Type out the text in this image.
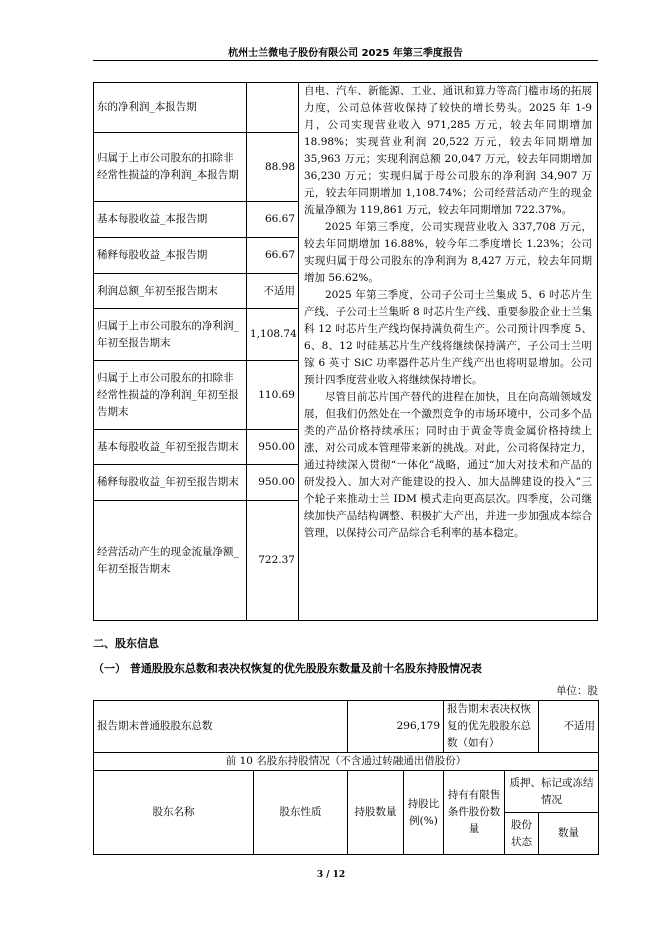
杭州士兰微电子股份有限公司 2025 年第三季度报告
东的净利润_本报告期		自电、汽车、新能源、工业、通讯和算力等高门槛市场的拓展力度，公司总体营收保持了较快的增长势头。2025 年 1-9 月，公司实现营业收入 971,285 万元，较去年同期增加 18.98%；实现营业利润 20,522 万元，较去年同期增加 35,963 万元；实现利润总额 20,047 万元，较去年同期增加 36,230 万元；实现归属于母公司股东的净利润 34,907 万元，较去年同期增加 1,108.74%；公司经营活动产生的现金流量净额为 119,861 万元，较去年同期增加 722.37%。

2025 年第三季度，公司实现营业收入 337,708 万元，较去年同期增加 16.88%，较今年二季度增长 1.23%；公司实现归属于母公司股东的净利润为 8,427 万元，较去年同期增加 56.62%。

2025 年第三季度，公司子公司士兰集成 5、6 吋芯片生产线、子公司士兰集昕 8 吋芯片生产线、重要参股企业士兰集科 12 吋芯片生产线均保持满负荷生产。公司预计四季度 5、6、8、12 吋硅基芯片生产线将继续保持满产，子公司士兰明镓 6 英寸 SiC 功率器件芯片生产线产出也将明显增加。公司预计四季度营业收入将继续保持增长。

尽管目前芯片国产替代的进程在加快，且在向高端领域发展，但我们仍然处在一个激烈竞争的市场环境中，公司多个品类的产品价格持续承压；同时由于黄金等贵金属价格持续上涨，对公司成本管理带来新的挑战。对此，公司将保持定力，通过持续深入贯彻“一体化”战略，通过“加大对技术和产品的研发投入、加大对产能建设的投入、加大品牌建设的投入”三个轮子来推动士兰 IDM 模式走向更高层次。四季度，公司继续加快产品结构调整、积极扩大产出，并进一步加强成本综合管理，以保持公司产品综合毛利率的基本稳定。

归属于上市公司股东的扣除非经常性损益的净利润_本报告期	88.98	
基本每股收益_本报告期	66.67	
稀释每股收益_本报告期	66.67	
利润总额_年初至报告期末	不适用	
归属于上市公司股东的净利润_年初至报告期末	1,108.74	
归属于上市公司股东的扣除非经常性损益的净利润_年初至报告期末	110.69	
基本每股收益_年初至报告期末	950.00	
稀释每股收益_年初至报告期末	950.00	
经营活动产生的现金流量净额_年初至报告期末	722.37	
二、股东信息
（一） 普通股股东总数和表决权恢复的优先股股东数量及前十名股东持股情况表
单位：股
报告期末普通股股东总数		296,179		报告期末表决权恢复的优先股股东总数（如有）		不适用
前 10 名股东持股情况（不含通过转融通出借股份）						
股东名称	股东性质	持股数量	持股比例(%)	持有有限售条件股份数量	质押、标记或冻结情况	
					股份状态	数量
3 / 12
